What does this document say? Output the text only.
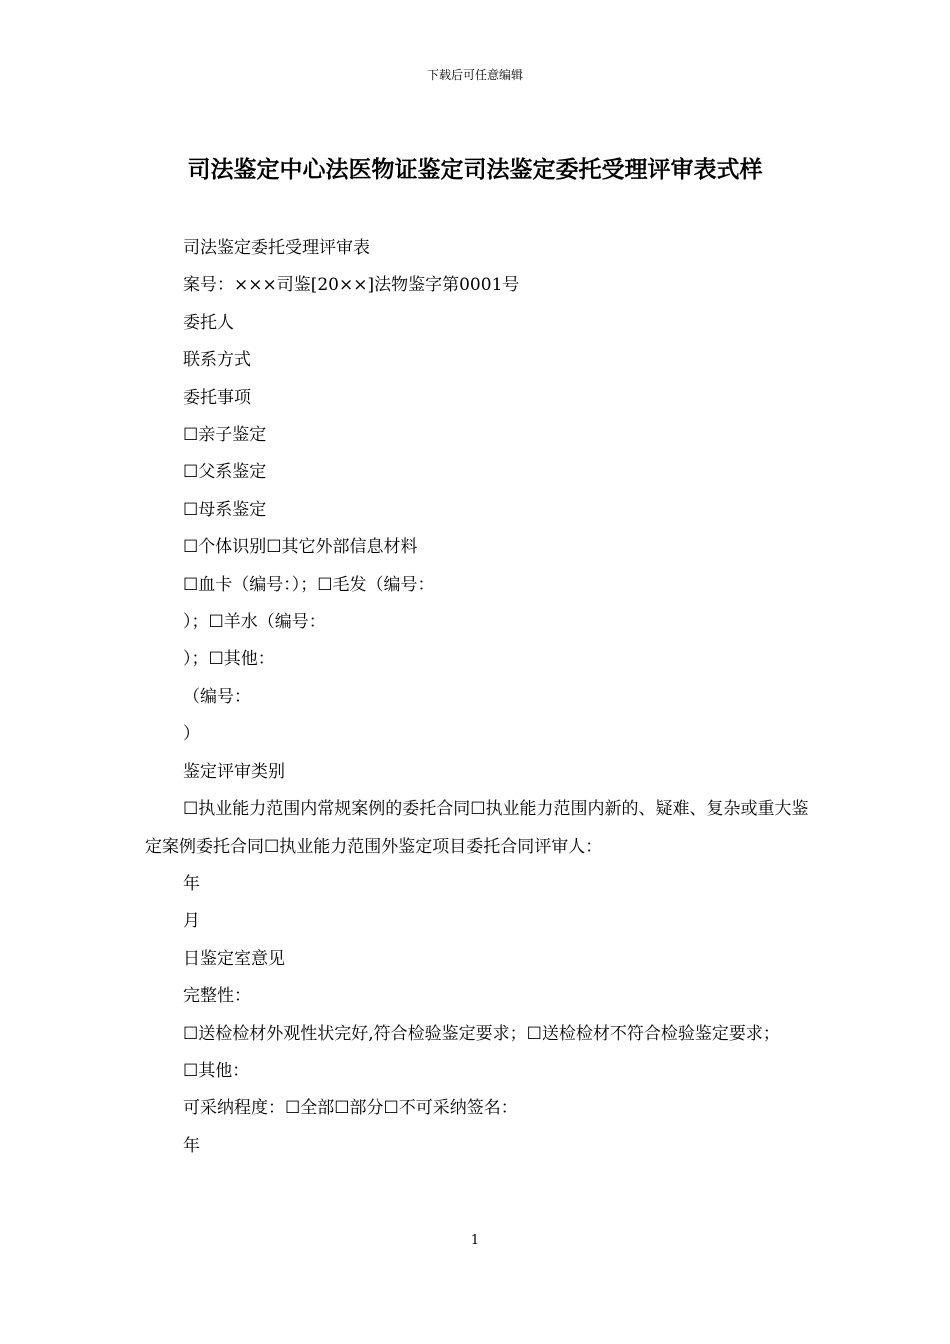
下载后可任意编辑
司法鉴定中心法医物证鉴定司法鉴定委托受理评审表式样

司法鉴定委托受理评审表

案号：×××司鉴[20××]法物鉴字第0001号

委托人

联系方式

委托事项

☐亲子鉴定

☐父系鉴定

☐母系鉴定

☐个体识别☐其它外部信息材料

☐血卡（编号：）；☐毛发（编号：

）；☐羊水（编号：

）；☐其他：

（编号：

）

鉴定评审类别

☐执业能力范围内常规案例的委托合同☐执业能力范围内新的、疑难、复杂或重大鉴定案例委托合同☐执业能力范围外鉴定项目委托合同评审人：

年

月

日鉴定室意见

完整性：

☐送检检材外观性状完好,符合检验鉴定要求；☐送检检材不符合检验鉴定要求；

☐其他：

可采纳程度：☐全部☐部分☐不可采纳签名：

年

1
